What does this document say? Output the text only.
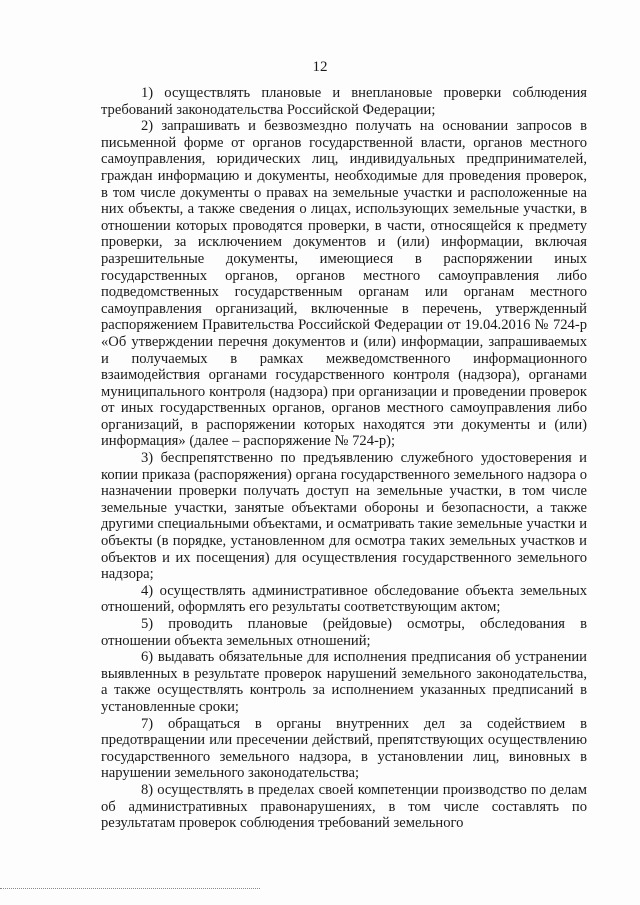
12

1) осуществлять плановые и внеплановые проверки соблюдения требований законодательства Российской Федерации;

2) запрашивать и безвозмездно получать на основании запросов в письменной форме от органов государственной власти, органов местного самоуправления, юридических лиц, индивидуальных предпринимателей, граждан информацию и документы, необходимые для проведения проверок, в том числе документы о правах на земельные участки и расположенные на них объекты, а также сведения о лицах, использующих земельные участки, в отношении которых проводятся проверки, в части, относящейся к предмету проверки, за исключением документов и (или) информации, включая разрешительные документы, имеющиеся в распоряжении иных государственных органов, органов местного самоуправления либо подведомственных государственным органам или органам местного самоуправления организаций, включенные в перечень, утвержденный распоряжением Правительства Российской Федерации от 19.04.2016 № 724-р «Об утверждении перечня документов и (или) информации, запрашиваемых и получаемых в рамках межведомственного информационного взаимодействия органами государственного контроля (надзора), органами муниципального контроля (надзора) при организации и проведении проверок от иных государственных органов, органов местного самоуправления либо организаций, в распоряжении которых находятся эти документы и (или) информация» (далее – распоряжение № 724-р);

3) беспрепятственно по предъявлению служебного удостоверения и копии приказа (распоряжения) органа государственного земельного надзора о назначении проверки получать доступ на земельные участки, в том числе земельные участки, занятые объектами обороны и безопасности, а также другими специальными объектами, и осматривать такие земельные участки и объекты (в порядке, установленном для осмотра таких земельных участков и объектов и их посещения) для осуществления государственного земельного надзора;

4) осуществлять административное обследование объекта земельных отношений, оформлять его результаты соответствующим актом;

5) проводить плановые (рейдовые) осмотры, обследования в отношении объекта земельных отношений;

6) выдавать обязательные для исполнения предписания об устранении выявленных в результате проверок нарушений земельного законодательства, а также осуществлять контроль за исполнением указанных предписаний в установленные сроки;

7) обращаться в органы внутренних дел за содействием в предотвращении или пресечении действий, препятствующих осуществлению государственного земельного надзора, в установлении лиц, виновных в нарушении земельного законодательства;

8) осуществлять в пределах своей компетенции производство по делам об административных правонарушениях, в том числе составлять по результатам проверок соблюдения требований земельного
